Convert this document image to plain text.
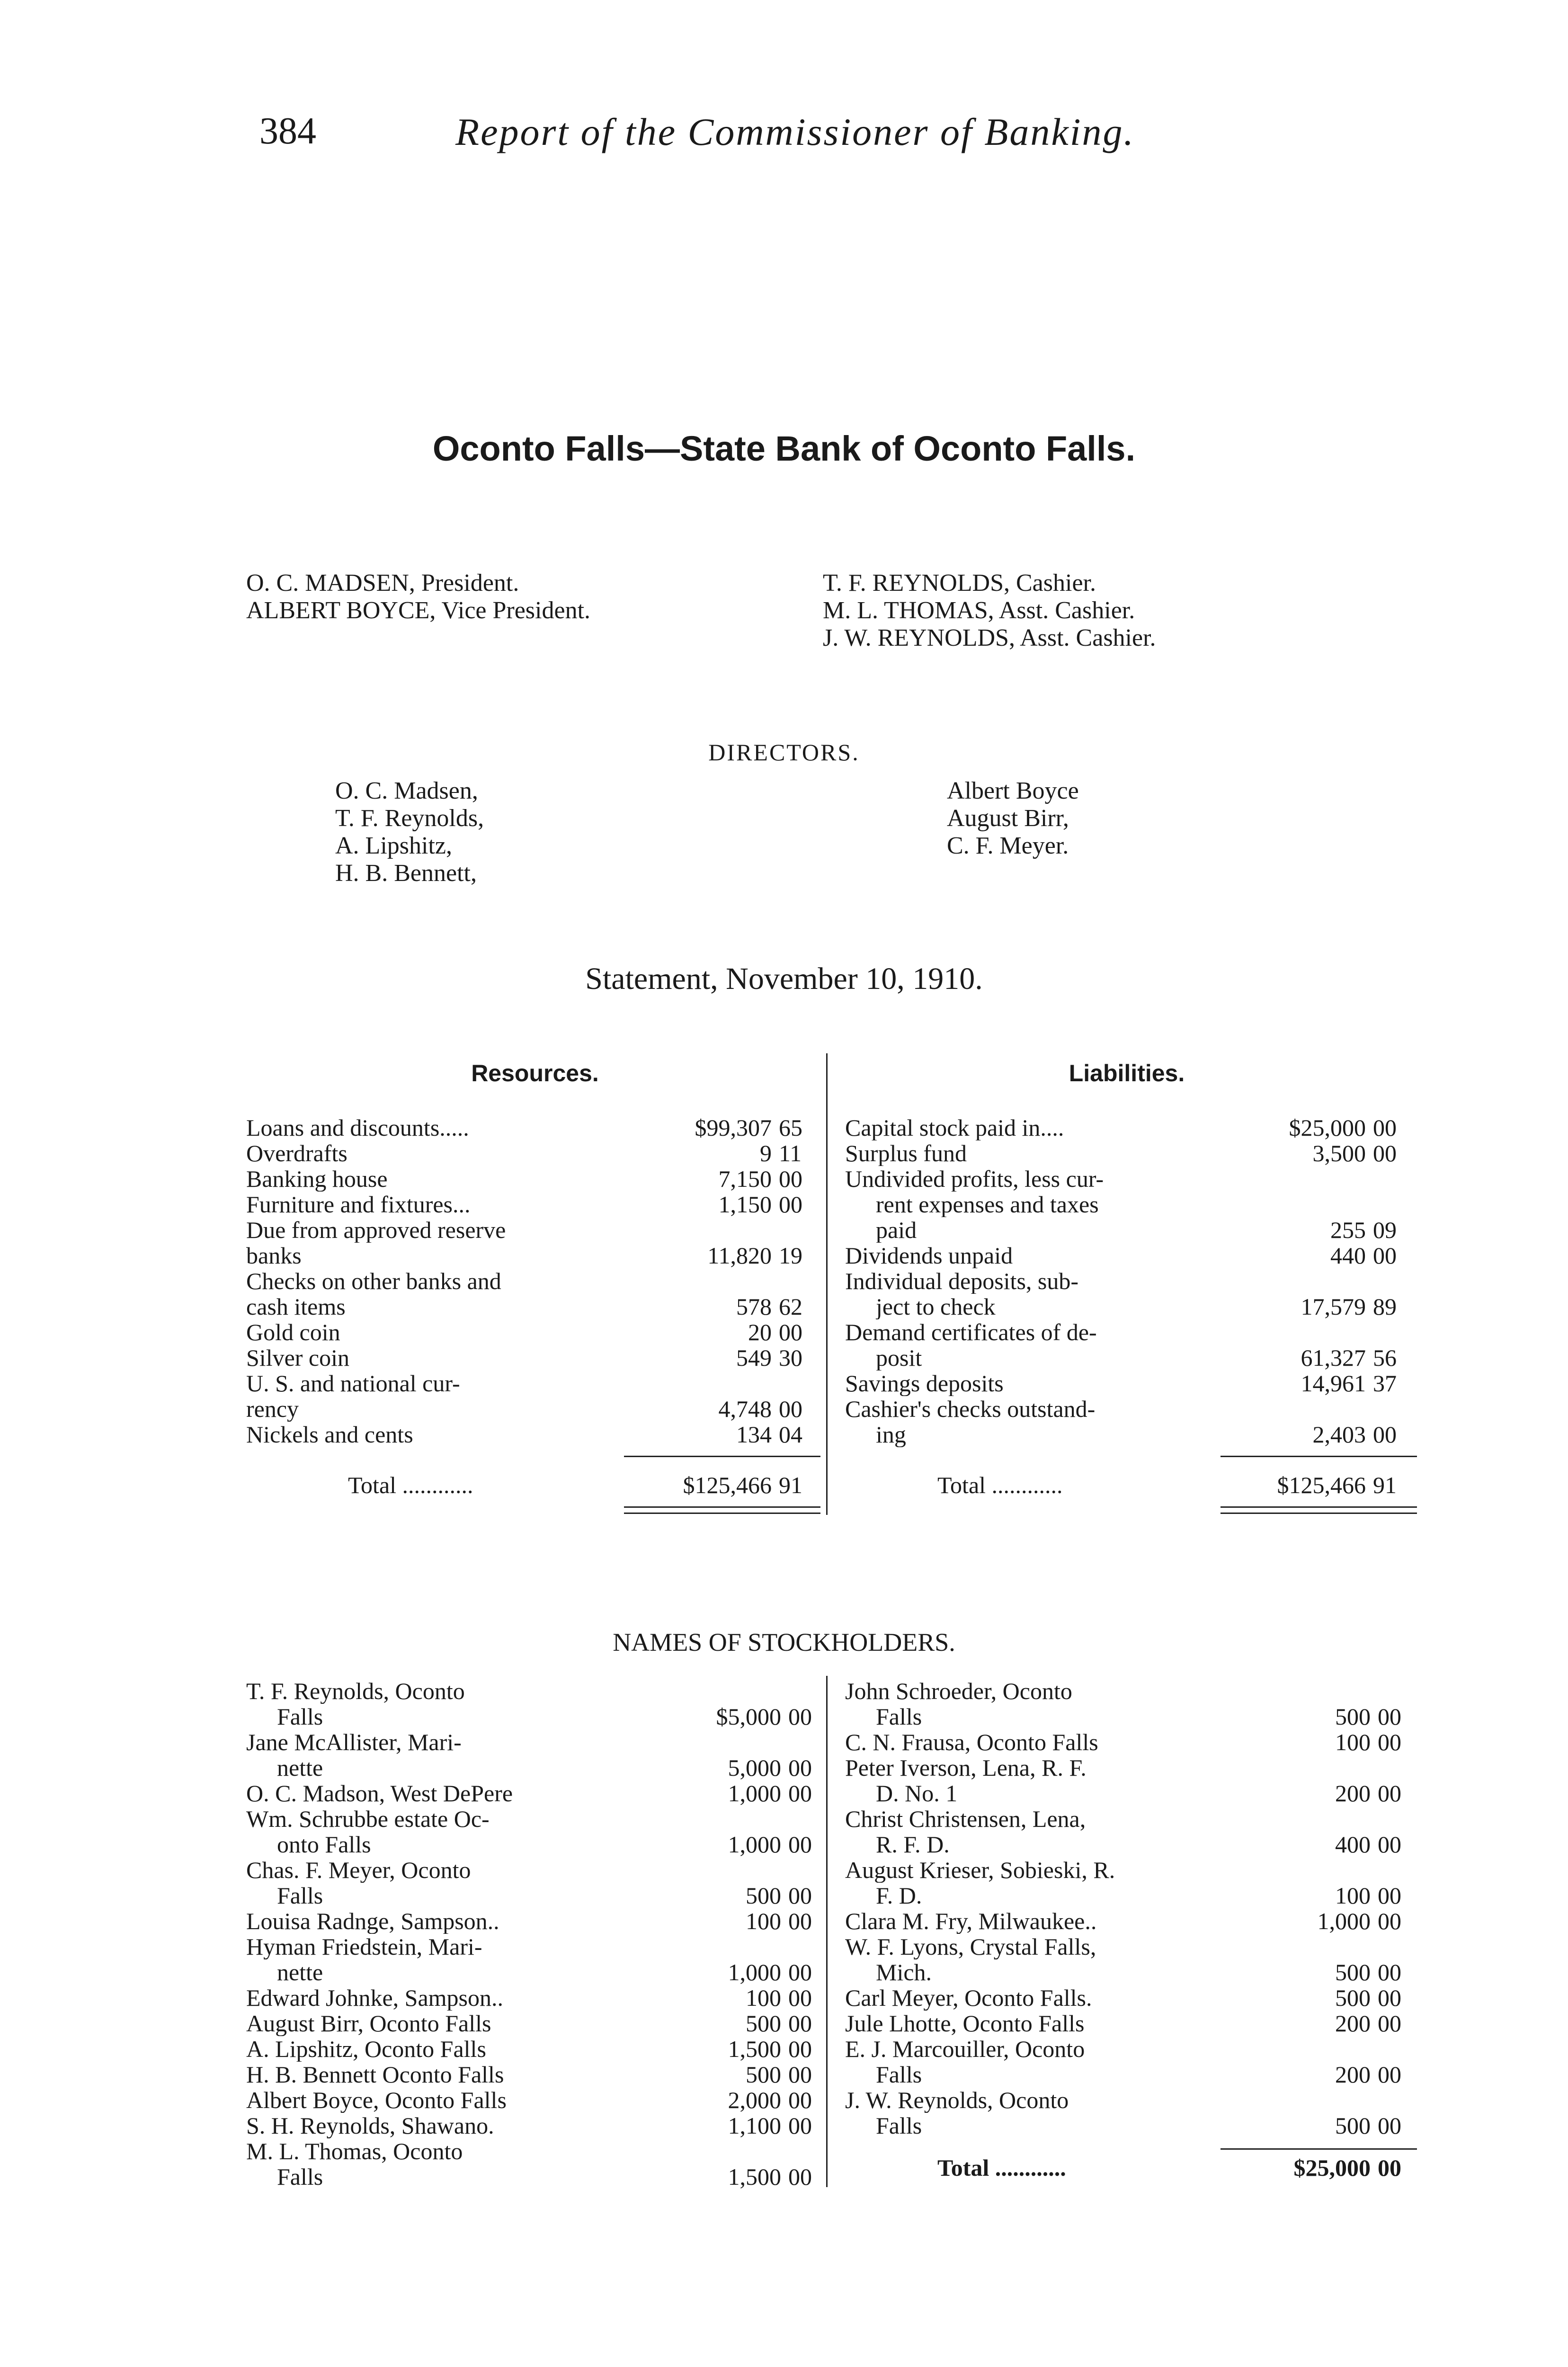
384	Report of the Commissioner of Banking.
Oconto Falls—State Bank of Oconto Falls.
O. C. MADSEN, President.
ALBERT BOYCE, Vice President.
T. F. REYNOLDS, Cashier.
M. L. THOMAS, Asst. Cashier.
J. W. REYNOLDS, Asst. Cashier.
DIRECTORS.
O. C. Madsen,
T. F. Reynolds,
A. Lipshitz,
H. B. Bennett,
Albert Boyce
August Birr,
C. F. Meyer.
Statement, November 10, 1910.
Resources.	Liabilities.
Loans and discounts.....	$99,307 65
Overdrafts	9 11
Banking house	7,150 00
Furniture and fixtures...	1,150 00
Due from approved reserve
banks	11,820 19
Checks on other banks and
cash items	578 62
Gold coin	20 00
Silver coin	549 30
U. S. and national cur-
rency	4,748 00
Nickels and cents	134 04
Total ............	$125,466 91
Capital stock paid in....	$25,000 00
Surplus fund	3,500 00
Undivided profits, less cur-
rent expenses and taxes
paid	255 09
Dividends unpaid	440 00
Individual deposits, sub-
ject to check	17,579 89
Demand certificates of de-
posit	61,327 56
Savings deposits	14,961 37
Cashier's checks outstand-
ing	2,403 00
Total ............	$125,466 91
NAMES OF STOCKHOLDERS.
T. F. Reynolds, Oconto
Falls	$5,000 00
Jane McAllister, Mari-
nette	5,000 00
O. C. Madson, West DePere	1,000 00
Wm. Schrubbe estate Oc-
onto Falls	1,000 00
Chas. F. Meyer, Oconto
Falls	500 00
Louisa Radnge, Sampson..	100 00
Hyman Friedstein, Mari-
nette	1,000 00
Edward Johnke, Sampson..	100 00
August Birr, Oconto Falls	500 00
A. Lipshitz, Oconto Falls	1,500 00
H. B. Bennett Oconto Falls	500 00
Albert Boyce, Oconto Falls	2,000 00
S. H. Reynolds, Shawano.	1,100 00
M. L. Thomas, Oconto
Falls	1,500 00
John Schroeder, Oconto
Falls	500 00
C. N. Frausa, Oconto Falls	100 00
Peter Iverson, Lena, R. F.
D. No. 1	200 00
Christ Christensen, Lena,
R. F. D.	400 00
August Krieser, Sobieski, R.
F. D.	100 00
Clara M. Fry, Milwaukee..	1,000 00
W. F. Lyons, Crystal Falls,
Mich.	500 00
Carl Meyer, Oconto Falls.	500 00
Jule Lhotte, Oconto Falls	200 00
E. J. Marcouiller, Oconto
Falls	200 00
J. W. Reynolds, Oconto
Falls	500 00
Total ............	$25,000 00
